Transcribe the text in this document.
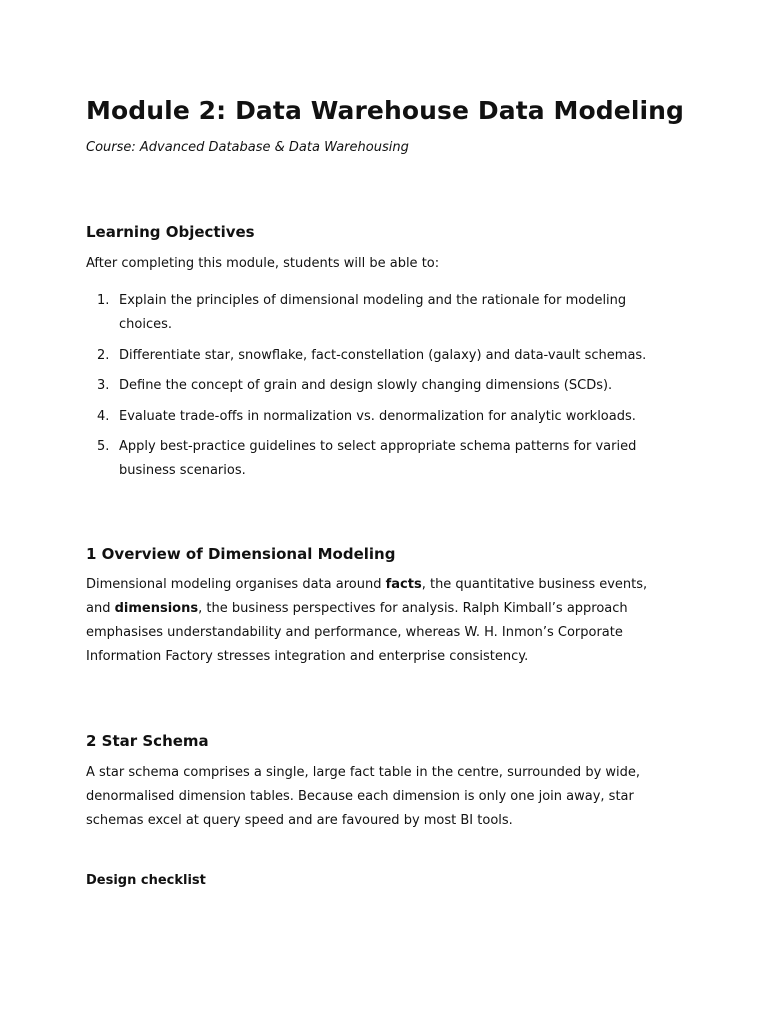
Module 2: Data Warehouse Data Modeling

Course: Advanced Database & Data Warehousing

Learning Objectives

After completing this module, students will be able to:

1. Explain the principles of dimensional modeling and the rationale for modeling choices.
2. Differentiate star, snowflake, fact-constellation (galaxy) and data-vault schemas.
3. Define the concept of grain and design slowly changing dimensions (SCDs).
4. Evaluate trade-offs in normalization vs. denormalization for analytic workloads.
5. Apply best-practice guidelines to select appropriate schema patterns for varied business scenarios.
1 Overview of Dimensional Modeling

Dimensional modeling organises data around facts, the quantitative business events, and dimensions, the business perspectives for analysis. Ralph Kimball’s approach emphasises understandability and performance, whereas W. H. Inmon’s Corporate Information Factory stresses integration and enterprise consistency.

2 Star Schema

A star schema comprises a single, large fact table in the centre, surrounded by wide, denormalised dimension tables. Because each dimension is only one join away, star schemas excel at query speed and are favoured by most BI tools.

Design checklist
